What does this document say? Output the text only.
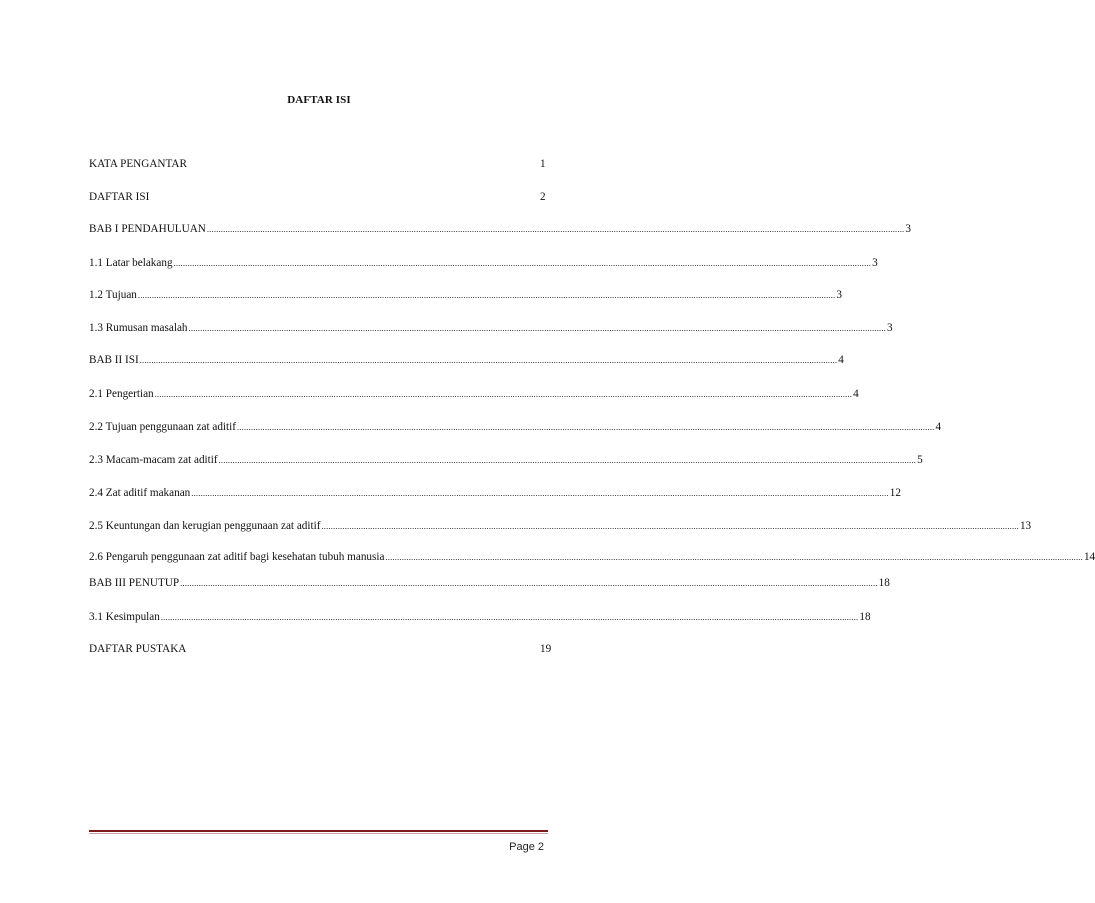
DAFTAR ISI
KATA PENGANTAR	1
DAFTAR ISI	2
BAB I PENDAHULUAN ............................................................................................................................................................................................................................................................................................................ 3
1.1 Latar belakang ............................................................................................................................................................................................................................................................................................................ 3
1.2 Tujuan ............................................................................................................................................................................................................................................................................................................ 3
1.3 Rumusan masalah ............................................................................................................................................................................................................................................................................................................ 3
BAB II ISI ............................................................................................................................................................................................................................................................................................................ 4
2.1 Pengertian ............................................................................................................................................................................................................................................................................................................ 4
2.2 Tujuan penggunaan zat aditif ............................................................................................................................................................................................................................................................................................................ 4
2.3 Macam-macam zat aditif ............................................................................................................................................................................................................................................................................................................ 5
2.4 Zat aditif makanan ............................................................................................................................................................................................................................................................................................................ 12
2.5 Keuntungan dan kerugian penggunaan zat aditif ............................................................................................................................................................................................................................................................................................................ 13
2.6 Pengaruh penggunaan zat aditif bagi kesehatan tubuh manusia ............................................................................................................................................................................................................................................................................................................ 14
BAB III PENUTUP ............................................................................................................................................................................................................................................................................................................ 18
3.1 Kesimpulan ............................................................................................................................................................................................................................................................................................................ 18
DAFTAR PUSTAKA	19
Page 2
